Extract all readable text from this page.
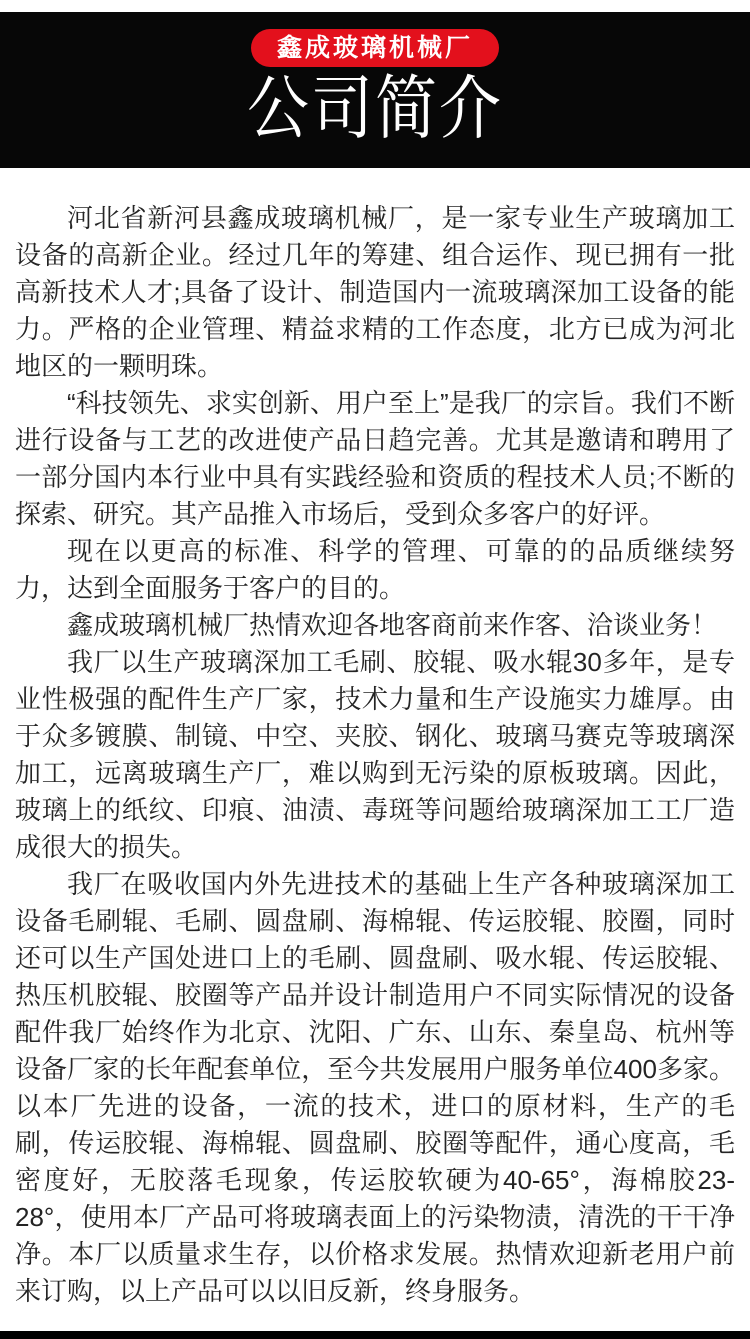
鑫成玻璃机械厂
公司简介

河北省新河县鑫成玻璃机械厂，是一家专业生产玻璃加工设备的高新企业。经过几年的筹建、组合运作、现已拥有一批高新技术人才;具备了设计、制造国内一流玻璃深加工设备的能力。严格的企业管理、精益求精的工作态度，北方已成为河北地区的一颗明珠。

“科技领先、求实创新、用户至上”是我厂的宗旨。我们不断进行设备与工艺的改进使产品日趋完善。尤其是邀请和聘用了一部分国内本行业中具有实践经验和资质的程技术人员;不断的探索、研究。其产品推入市场后，受到众多客户的好评。

现在以更高的标准、科学的管理、可靠的的品质继续努力，达到全面服务于客户的目的。

鑫成玻璃机械厂热情欢迎各地客商前来作客、洽谈业务！

我厂以生产玻璃深加工毛刷、胶辊、吸水辊30多年，是专业性极强的配件生产厂家，技术力量和生产设施实力雄厚。由于众多镀膜、制镜、中空、夹胶、钢化、玻璃马赛克等玻璃深加工，远离玻璃生产厂，难以购到无污染的原板玻璃。因此，玻璃上的纸纹、印痕、油渍、毒斑等问题给玻璃深加工工厂造成很大的损失。

我厂在吸收国内外先进技术的基础上生产各种玻璃深加工设备毛刷辊、毛刷、圆盘刷、海棉辊、传运胶辊、胶圈，同时还可以生产国处进口上的毛刷、圆盘刷、吸水辊、传运胶辊、热压机胶辊、胶圈等产品并设计制造用户不同实际情况的设备配件我厂始终作为北京、沈阳、广东、山东、秦皇岛、杭州等设备厂家的长年配套单位，至今共发展用户服务单位400多家。以本厂先进的设备，一流的技术，进口的原材料，生产的毛刷，传运胶辊、海棉辊、圆盘刷、胶圈等配件，通心度高，毛密度好，无胶落毛现象，传运胶软硬为40-65°，海棉胶23-28°，使用本厂产品可将玻璃表面上的污染物渍，清洗的干干净净。本厂以质量求生存，以价格求发展。热情欢迎新老用户前来订购，以上产品可以以旧反新，终身服务。
